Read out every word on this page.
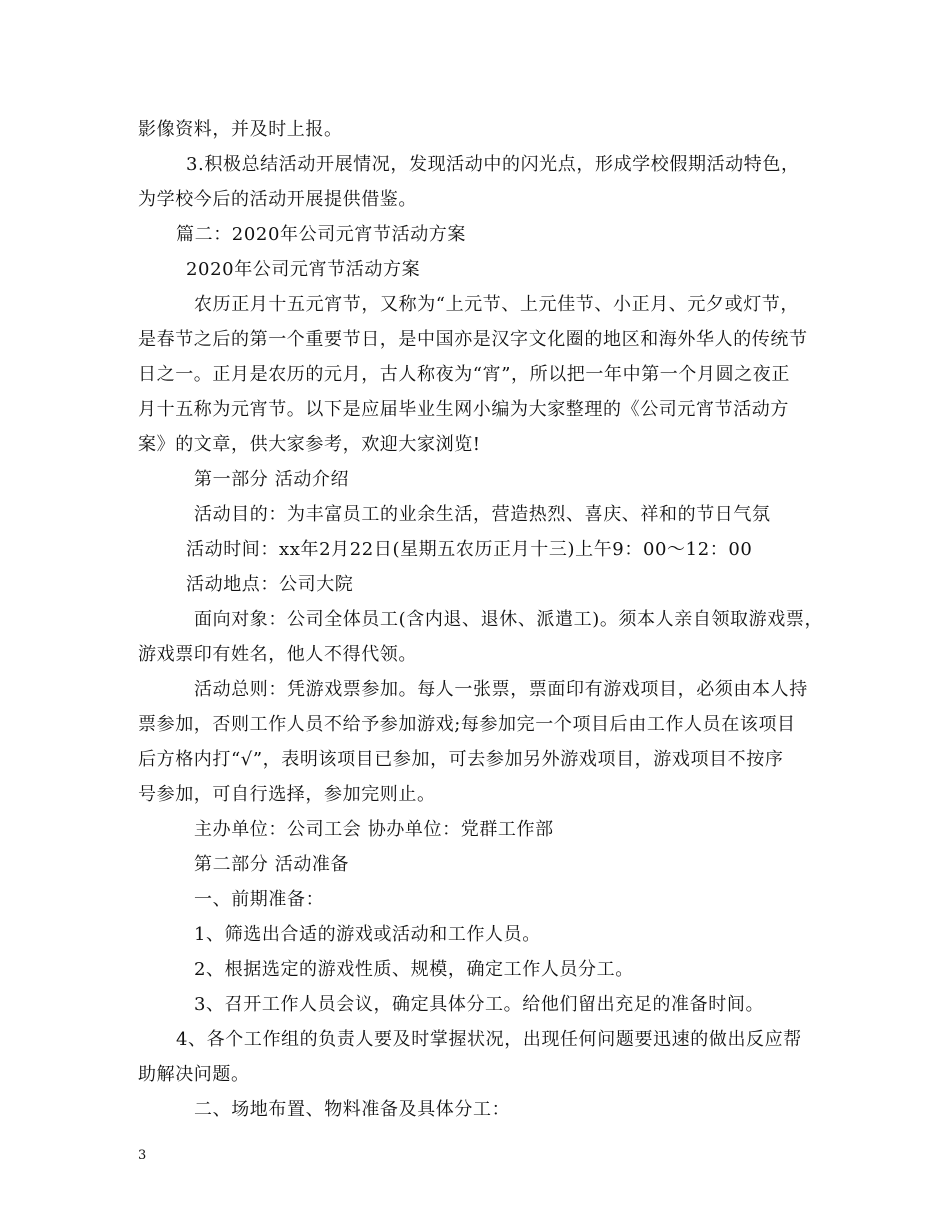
影像资料，并及时上报。
3.积极总结活动开展情况，发现活动中的闪光点，形成学校假期活动特色，
为学校今后的活动开展提供借鉴。
篇二：2020年公司元宵节活动方案
2020年公司元宵节活动方案
农历正月十五元宵节，又称为“上元节、上元佳节、小正月、元夕或灯节，
是春节之后的第一个重要节日，是中国亦是汉字文化圈的地区和海外华人的传统节
日之一。正月是农历的元月，古人称夜为“宵”，所以把一年中第一个月圆之夜正
月十五称为元宵节。以下是应届毕业生网小编为大家整理的《公司元宵节活动方
案》的文章，供大家参考，欢迎大家浏览!
第一部分 活动介绍
活动目的：为丰富员工的业余生活，营造热烈、喜庆、祥和的节日气氛
活动时间：xx年2月22日(星期五农历正月十三)上午9：00～12：00
活动地点：公司大院
面向对象：公司全体员工(含内退、退休、派遣工)。须本人亲自领取游戏票，
游戏票印有姓名，他人不得代领。
活动总则：凭游戏票参加。每人一张票，票面印有游戏项目，必须由本人持
票参加，否则工作人员不给予参加游戏;每参加完一个项目后由工作人员在该项目
后方格内打“√”，表明该项目已参加，可去参加另外游戏项目，游戏项目不按序
号参加，可自行选择，参加完则止。
主办单位：公司工会 协办单位：党群工作部
第二部分 活动准备
一、前期准备：
1、筛选出合适的游戏或活动和工作人员。
2、根据选定的游戏性质、规模，确定工作人员分工。
3、召开工作人员会议，确定具体分工。给他们留出充足的准备时间。
4、各个工作组的负责人要及时掌握状况，出现任何问题要迅速的做出反应帮
助解决问题。
二、场地布置、物料准备及具体分工：
3
